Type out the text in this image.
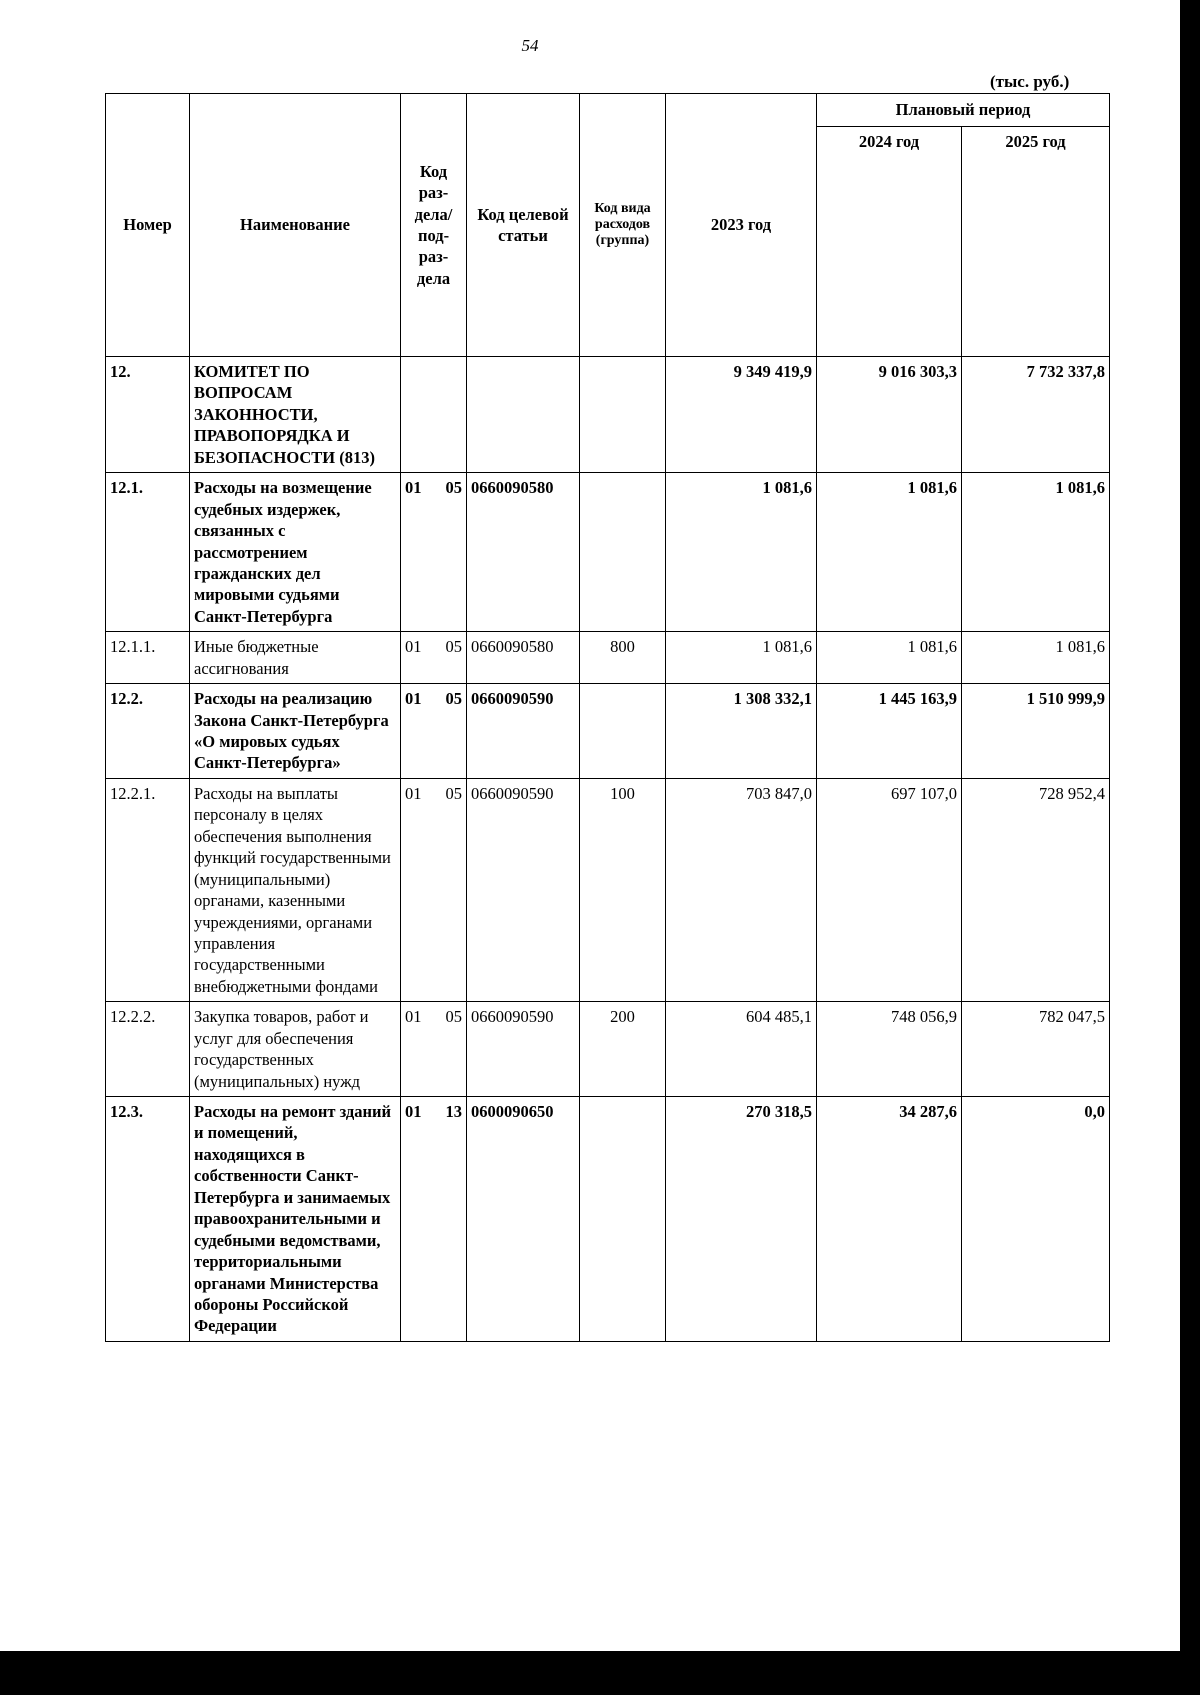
54
(тыс. руб.)
Номер	Наименование	Код раз-дела/ под-раз-дела	Код целевой статьи	Код вида расходов (группа)	2023 год	Плановый период	
						2024 год	2025 год
12.	КОМИТЕТ ПО ВОПРОСАМ ЗАКОННОСТИ, ПРАВОПОРЯДКА И БЕЗОПАСНОСТИ (813)				9 349 419,9	9 016 303,3	7 732 337,8
12.1.	Расходы на возмещение судебных издержек, связанных с рассмотрением гражданских дел мировыми судьями Санкт-Петербурга	01 05	0660090580		1 081,6	1 081,6	1 081,6
12.1.1.	Иные бюджетные ассигнования	01 05	0660090580	800	1 081,6	1 081,6	1 081,6
12.2.	Расходы на реализацию Закона Санкт-Петербурга «О мировых судьях Санкт-Петербурга»	01 05	0660090590		1 308 332,1	1 445 163,9	1 510 999,9
12.2.1.	Расходы на выплаты персоналу в целях обеспечения выполнения функций государственными (муниципальными) органами, казенными учреждениями, органами управления государственными внебюджетными фондами	01 05	0660090590	100	703 847,0	697 107,0	728 952,4
12.2.2.	Закупка товаров, работ и услуг для обеспечения государственных (муниципальных) нужд	01 05	0660090590	200	604 485,1	748 056,9	782 047,5
12.3.	Расходы на ремонт зданий и помещений, находящихся в собственности Санкт-Петербурга и занимаемых правоохранительными и судебными ведомствами, территориальными органами Министерства обороны Российской Федерации	01 13	0600090650		270 318,5	34 287,6	0,0
